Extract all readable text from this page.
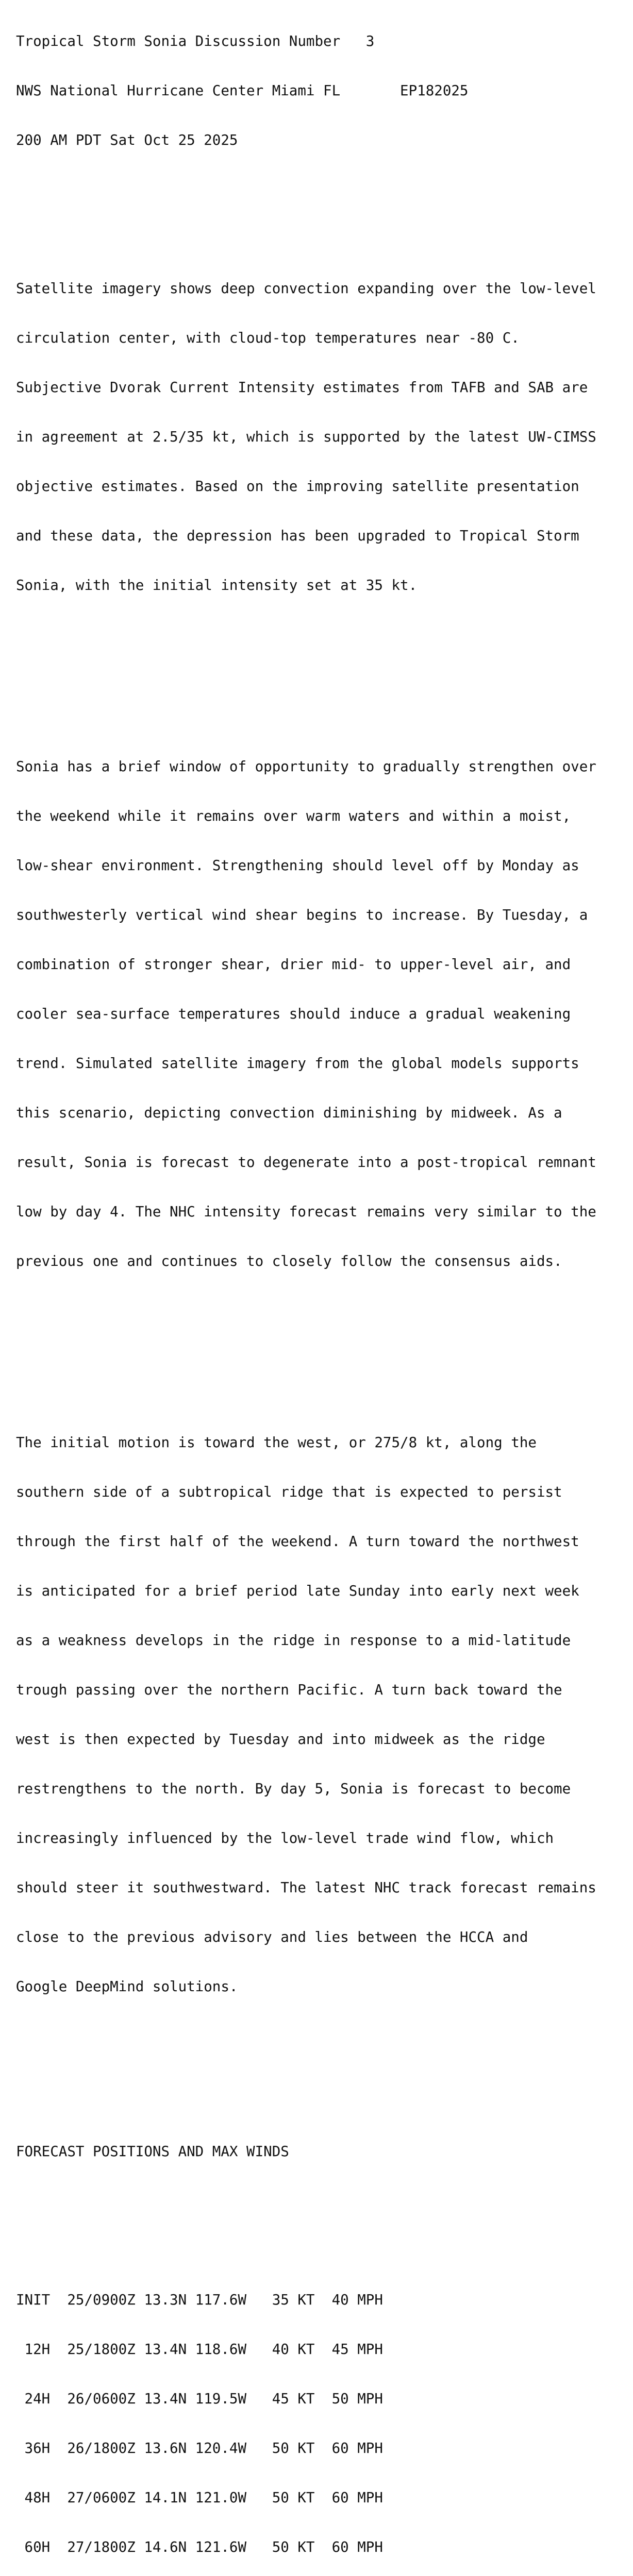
Tropical Storm Sonia Discussion Number   3

NWS National Hurricane Center Miami FL       EP182025

200 AM PDT Sat Oct 25 2025

Satellite imagery shows deep convection expanding over the low-level

circulation center, with cloud-top temperatures near -80 C.

Subjective Dvorak Current Intensity estimates from TAFB and SAB are

in agreement at 2.5/35 kt, which is supported by the latest UW-CIMSS

objective estimates. Based on the improving satellite presentation

and these data, the depression has been upgraded to Tropical Storm

Sonia, with the initial intensity set at 35 kt.

Sonia has a brief window of opportunity to gradually strengthen over

the weekend while it remains over warm waters and within a moist,

low-shear environment. Strengthening should level off by Monday as

southwesterly vertical wind shear begins to increase. By Tuesday, a

combination of stronger shear, drier mid- to upper-level air, and

cooler sea-surface temperatures should induce a gradual weakening

trend. Simulated satellite imagery from the global models supports

this scenario, depicting convection diminishing by midweek. As a

result, Sonia is forecast to degenerate into a post-tropical remnant

low by day 4. The NHC intensity forecast remains very similar to the

previous one and continues to closely follow the consensus aids.

The initial motion is toward the west, or 275/8 kt, along the

southern side of a subtropical ridge that is expected to persist

through the first half of the weekend. A turn toward the northwest

is anticipated for a brief period late Sunday into early next week

as a weakness develops in the ridge in response to a mid-latitude

trough passing over the northern Pacific. A turn back toward the

west is then expected by Tuesday and into midweek as the ridge

restrengthens to the north. By day 5, Sonia is forecast to become

increasingly influenced by the low-level trade wind flow, which

should steer it southwestward. The latest NHC track forecast remains

close to the previous advisory and lies between the HCCA and

Google DeepMind solutions.

FORECAST POSITIONS AND MAX WINDS

INIT  25/0900Z 13.3N 117.6W   35 KT  40 MPH

12H  25/1800Z 13.4N 118.6W   40 KT  45 MPH

24H  26/0600Z 13.4N 119.5W   45 KT  50 MPH

36H  26/1800Z 13.6N 120.4W   50 KT  60 MPH

48H  27/0600Z 14.1N 121.0W   50 KT  60 MPH

60H  27/1800Z 14.6N 121.6W   50 KT  60 MPH
